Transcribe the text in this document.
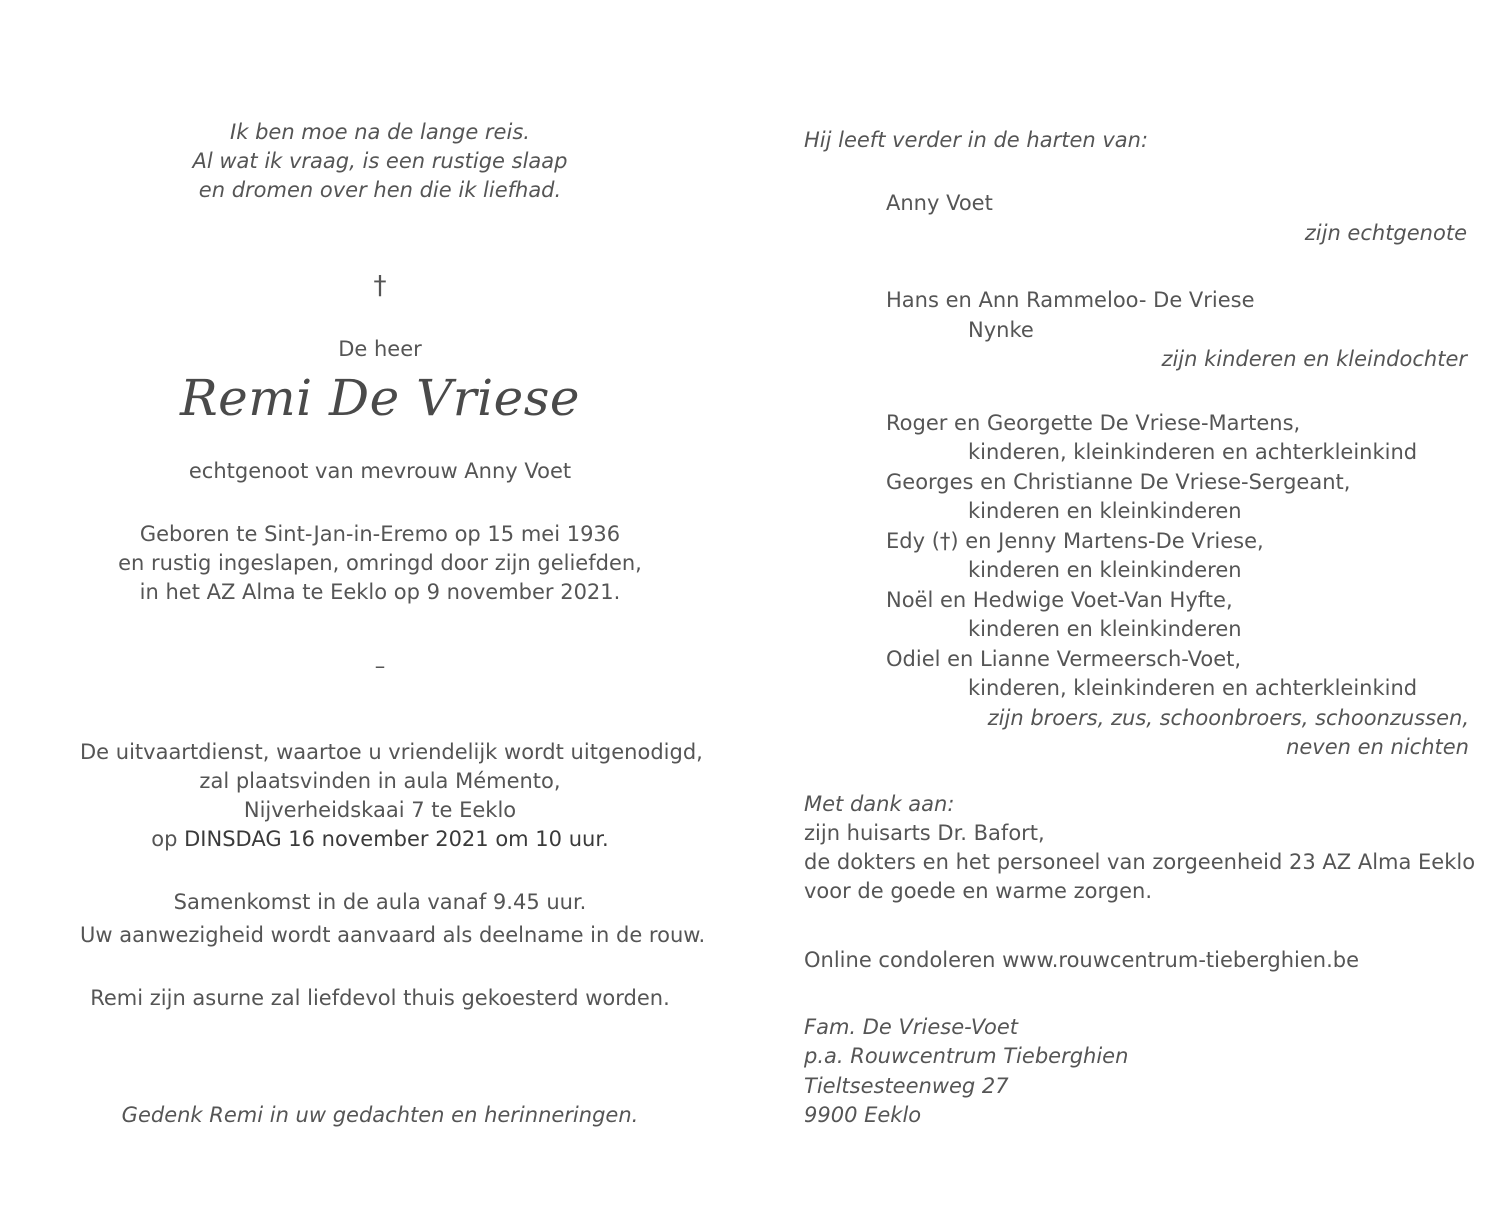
Ik ben moe na de lange reis.
Al wat ik vraag, is een rustige slaap
en dromen over hen die ik liefhad.
†
De heer
Remi De Vriese
echtgenoot van mevrouw Anny Voet
Geboren te Sint-Jan-in-Eremo op 15 mei 1936
en rustig ingeslapen, omringd door zijn geliefden,
in het AZ Alma te Eeklo op 9 november 2021.
–
De uitvaartdienst, waartoe u vriendelijk wordt uitgenodigd,
zal plaatsvinden in aula Mémento,
Nijverheidskaai 7 te Eeklo
op DINSDAG 16 november 2021 om 10 uur.
Samenkomst in de aula vanaf 9.45 uur.
Uw aanwezigheid wordt aanvaard als deelname in de rouw.
Remi zijn asurne zal liefdevol thuis gekoesterd worden.
Gedenk Remi in uw gedachten en herinneringen.
Hij leeft verder in de harten van:
Anny Voet
zijn echtgenote
Hans en Ann Rammeloo- De Vriese
Nynke
zijn kinderen en kleindochter
Roger en Georgette De Vriese-Martens,
kinderen, kleinkinderen en achterkleinkind
Georges en Christianne De Vriese-Sergeant,
kinderen en kleinkinderen
Edy (†) en Jenny Martens-De Vriese,
kinderen en kleinkinderen
Noël en Hedwige Voet-Van Hyfte,
kinderen en kleinkinderen
Odiel en Lianne Vermeersch-Voet,
kinderen, kleinkinderen en achterkleinkind
zijn broers, zus, schoonbroers, schoonzussen,
neven en nichten
Met dank aan:
zijn huisarts Dr. Bafort,
de dokters en het personeel van zorgeenheid 23 AZ Alma Eeklo
voor de goede en warme zorgen.
Online condoleren www.rouwcentrum-tieberghien.be
Fam. De Vriese-Voet
p.a. Rouwcentrum Tieberghien
Tieltsesteenweg 27
9900 Eeklo
